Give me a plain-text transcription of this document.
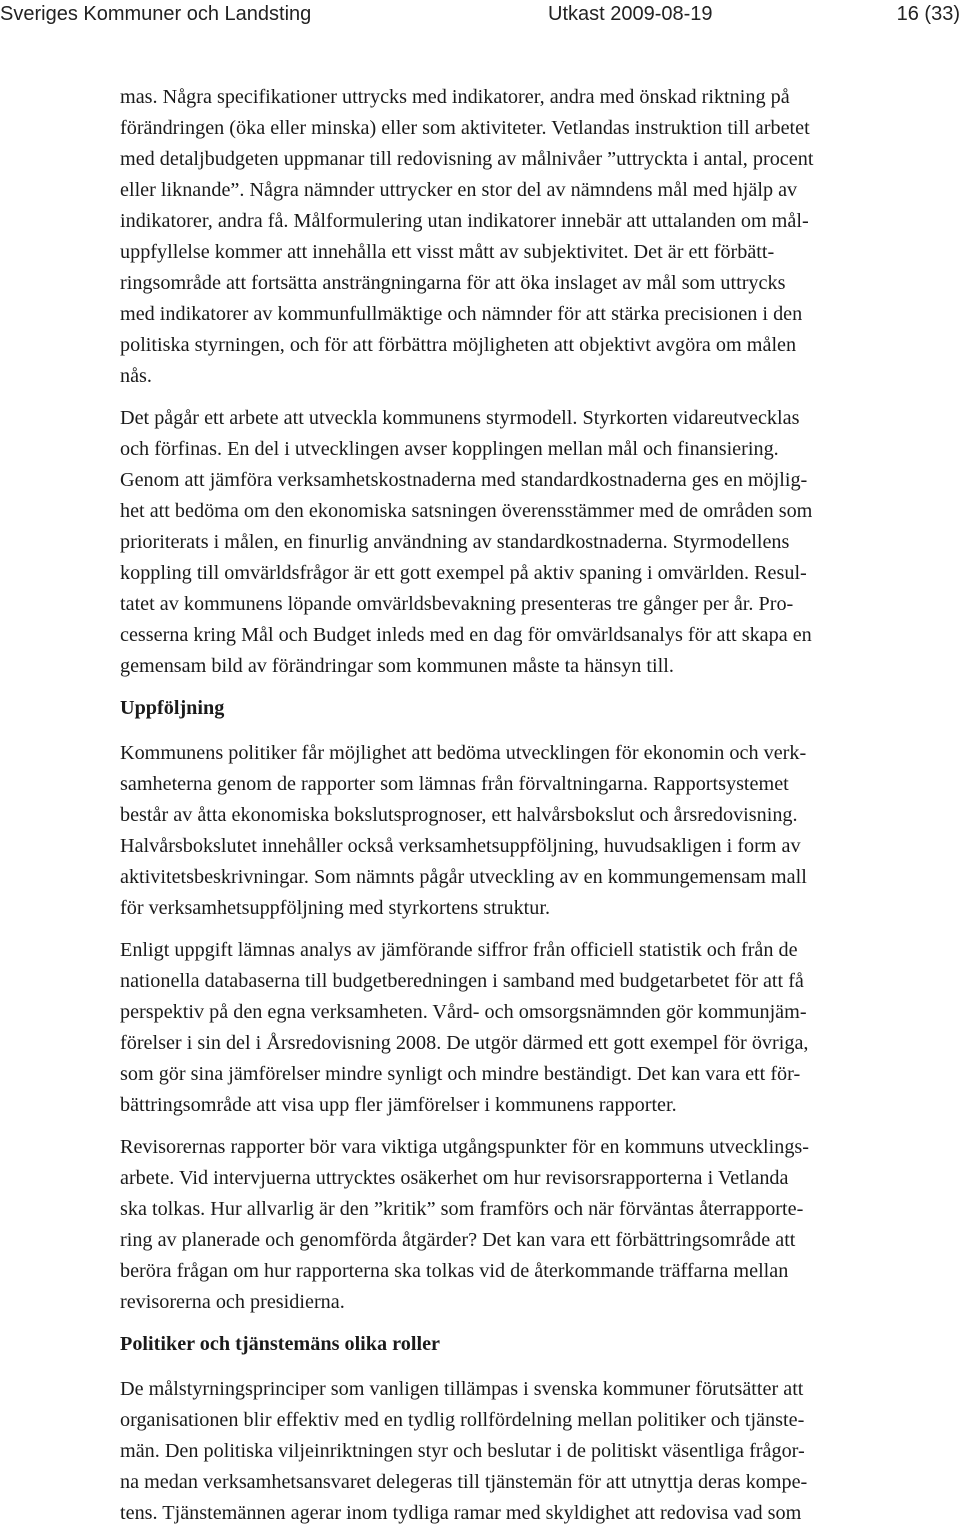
Sveriges Kommuner och Landsting	Utkast 2009-08-19	16 (33)

mas. Några specifikationer uttrycks med indikatorer, andra med önskad riktning på
förändringen (öka eller minska) eller som aktiviteter. Vetlandas instruktion till arbetet
med detaljbudgeten uppmanar till redovisning av målnivåer ”uttryckta i antal, procent
eller liknande”. Några nämnder uttrycker en stor del av nämndens mål med hjälp av
indikatorer, andra få. Målformulering utan indikatorer innebär att uttalanden om mål-
uppfyllelse kommer att innehålla ett visst mått av subjektivitet. Det är ett förbätt-
ringsområde att fortsätta ansträngningarna för att öka inslaget av mål som uttrycks
med indikatorer av kommunfullmäktige och nämnder för att stärka precisionen i den
politiska styrningen, och för att förbättra möjligheten att objektivt avgöra om målen
nås.

Det pågår ett arbete att utveckla kommunens styrmodell. Styrkorten vidareutvecklas
och förfinas. En del i utvecklingen avser kopplingen mellan mål och finansiering.
Genom att jämföra verksamhetskostnaderna med standardkostnaderna ges en möjlig-
het att bedöma om den ekonomiska satsningen överensstämmer med de områden som
prioriterats i målen, en finurlig användning av standardkostnaderna. Styrmodellens
koppling till omvärldsfrågor är ett gott exempel på aktiv spaning i omvärlden. Resul-
tatet av kommunens löpande omvärldsbevakning presenteras tre gånger per år. Pro-
cesserna kring Mål och Budget inleds med en dag för omvärldsanalys för att skapa en
gemensam bild av förändringar som kommunen måste ta hänsyn till.

Uppföljning

Kommunens politiker får möjlighet att bedöma utvecklingen för ekonomin och verk-
samheterna genom de rapporter som lämnas från förvaltningarna. Rapportsystemet
består av åtta ekonomiska bokslutsprognoser, ett halvårsbokslut och årsredovisning.
Halvårsbokslutet innehåller också verksamhetsuppföljning, huvudsakligen i form av
aktivitetsbeskrivningar. Som nämnts pågår utveckling av en kommungemensam mall
för verksamhetsuppföljning med styrkortens struktur.

Enligt uppgift lämnas analys av jämförande siffror från officiell statistik och från de
nationella databaserna till budgetberedningen i samband med budgetarbetet för att få
perspektiv på den egna verksamheten. Vård- och omsorgsnämnden gör kommunjäm-
förelser i sin del i Årsredovisning 2008. De utgör därmed ett gott exempel för övriga,
som gör sina jämförelser mindre synligt och mindre beständigt. Det kan vara ett för-
bättringsområde att visa upp fler jämförelser i kommunens rapporter.

Revisorernas rapporter bör vara viktiga utgångspunkter för en kommuns utvecklings-
arbete. Vid intervjuerna uttrycktes osäkerhet om hur revisorsrapporterna i Vetlanda
ska tolkas. Hur allvarlig är den ”kritik” som framförs och när förväntas återrapporte-
ring av planerade och genomförda åtgärder? Det kan vara ett förbättringsområde att
beröra frågan om hur rapporterna ska tolkas vid de återkommande träffarna mellan
revisorerna och presidierna.

Politiker och tjänstemäns olika roller

De målstyrningsprinciper som vanligen tillämpas i svenska kommuner förutsätter att
organisationen blir effektiv med en tydlig rollfördelning mellan politiker och tjänste-
män. Den politiska viljeinriktningen styr och beslutar i de politiskt väsentliga frågor-
na medan verksamhetsansvaret delegeras till tjänstemän för att utnyttja deras kompe-
tens. Tjänstemännen agerar inom tydliga ramar med skyldighet att redovisa vad som
